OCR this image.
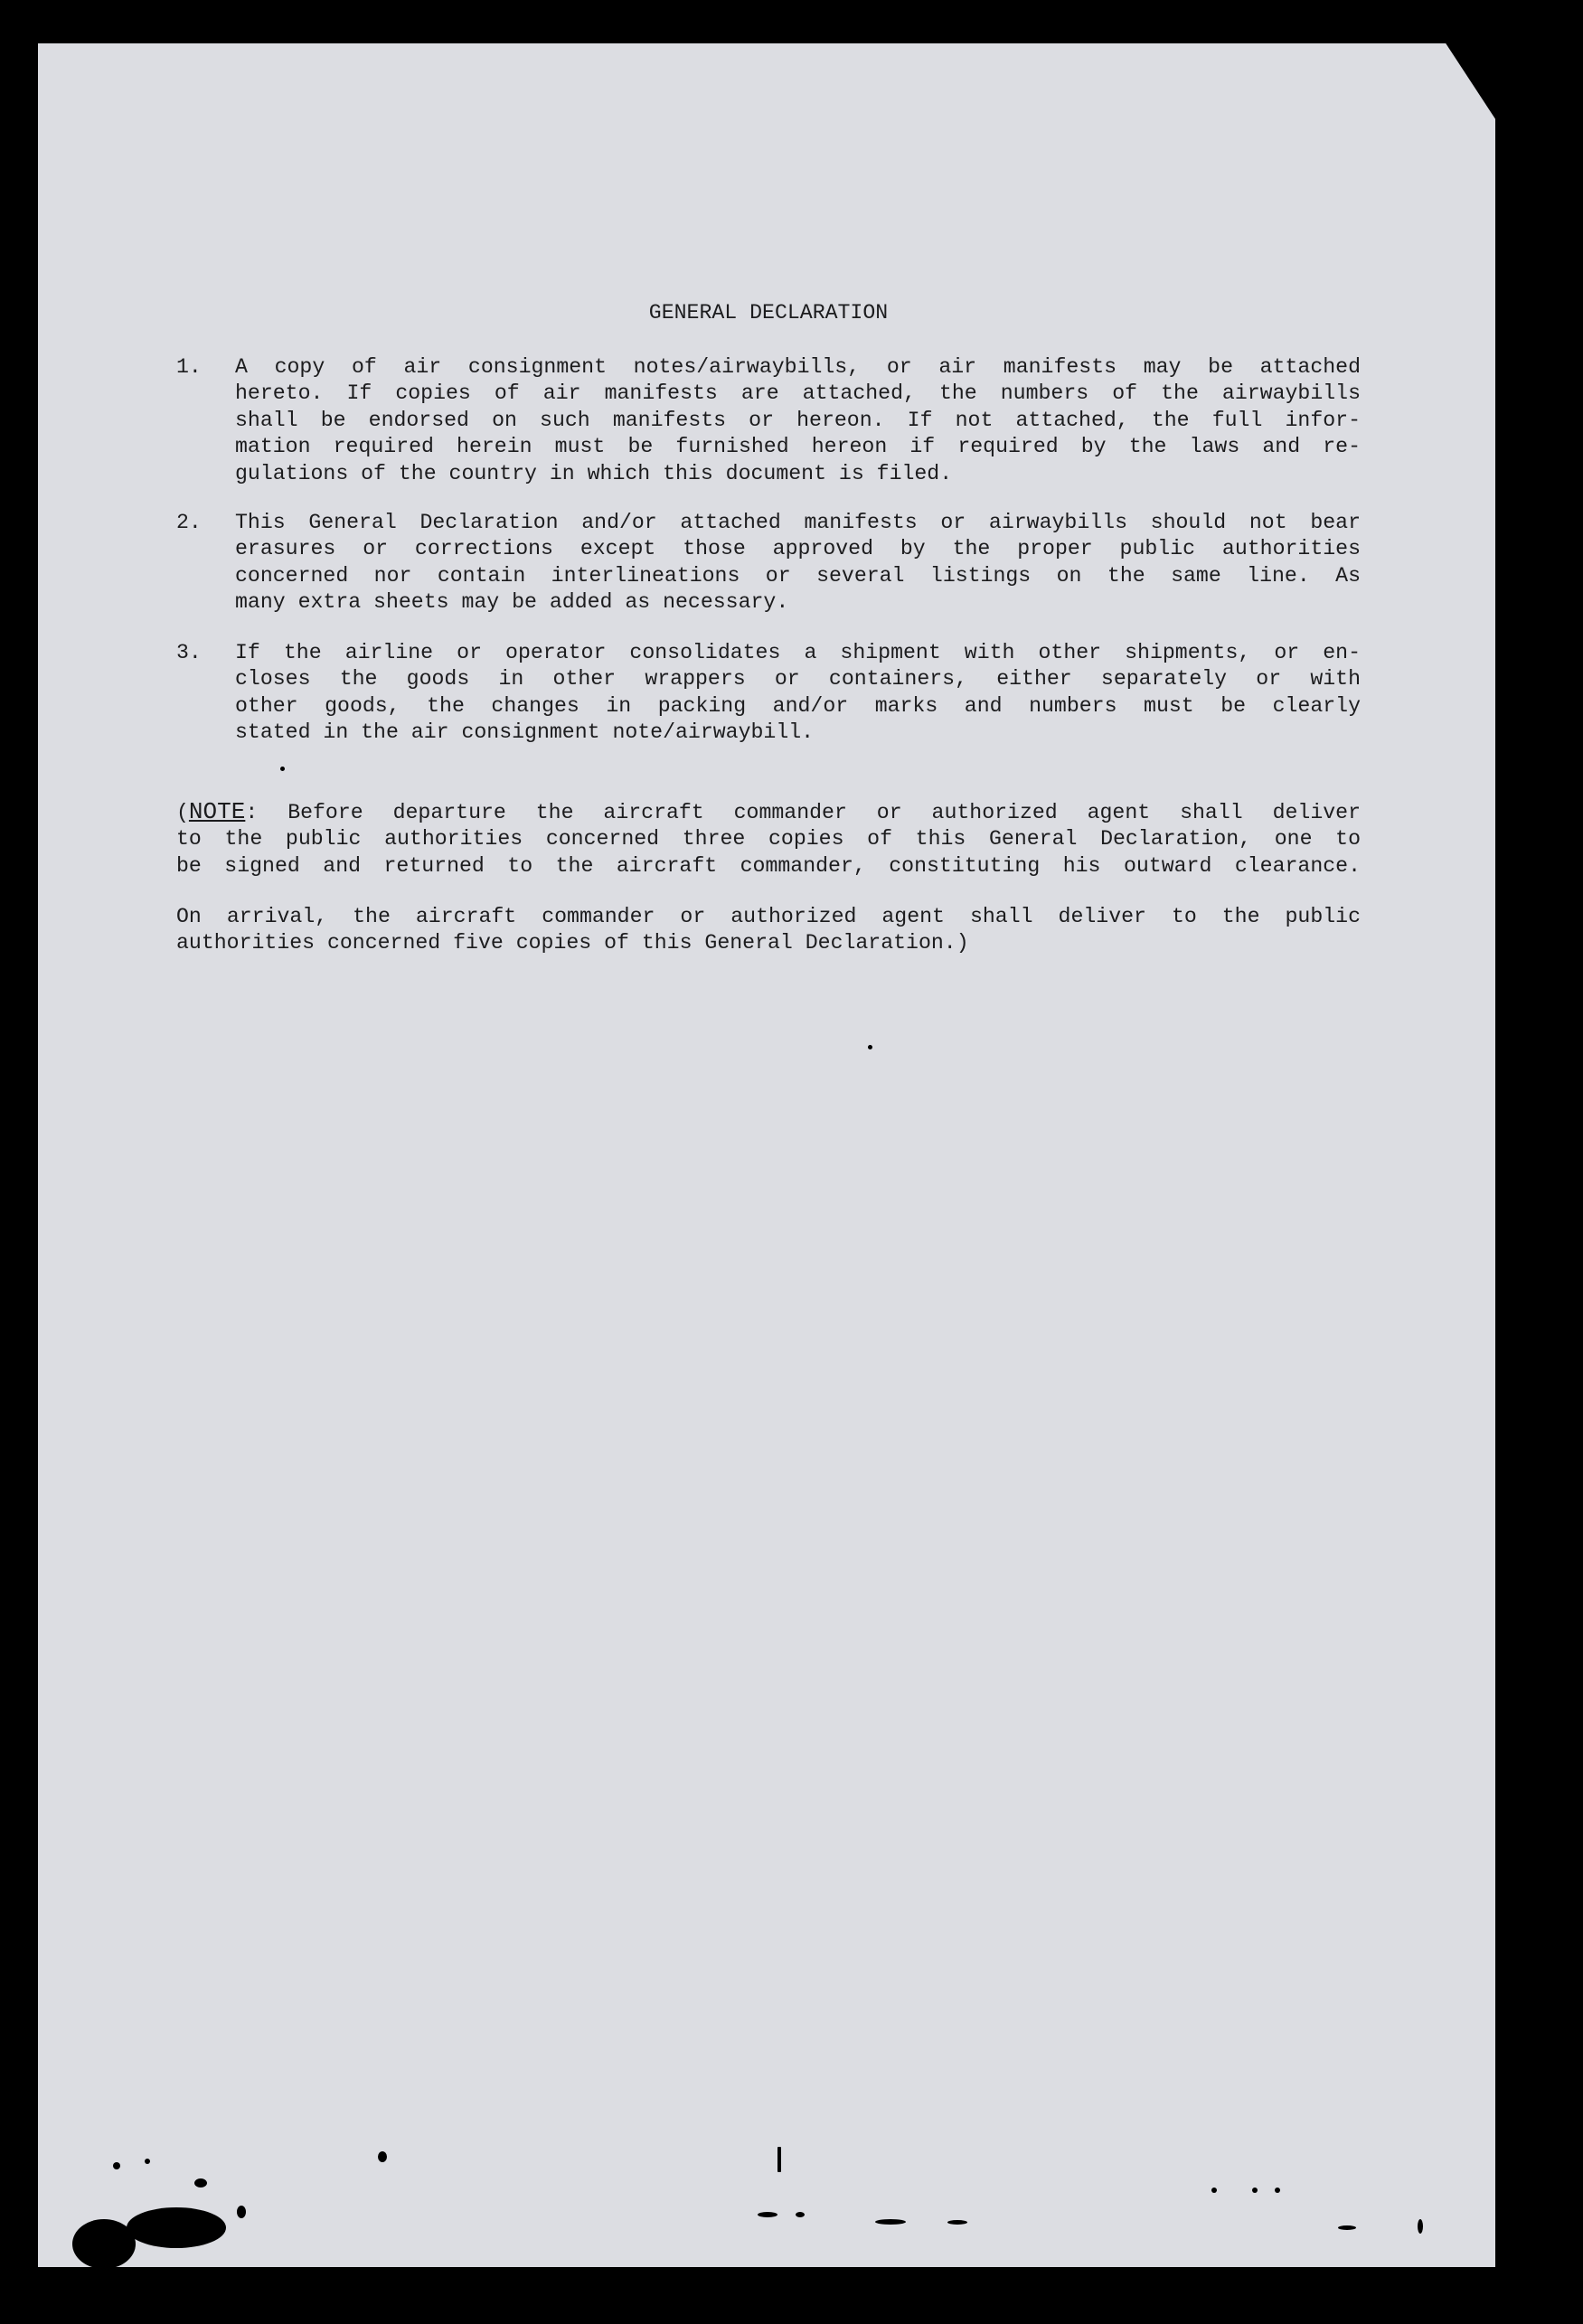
GENERAL DECLARATION
1.	A copy of air consignment notes/airwaybills, or air manifests may be attached
hereto. If copies of air manifests are attached, the numbers of the airwaybills
shall be endorsed on such manifests or hereon. If not attached, the full infor-
mation required herein must be furnished hereon if required by the laws and re-
gulations of the country in which this document is filed.
2.	This General Declaration and/or attached manifests or airwaybills should not bear
erasures or corrections except those approved by the proper public authorities
concerned nor contain interlineations or several listings on the same line. As
many extra sheets may be added as necessary.
3.	If the airline or operator consolidates a shipment with other shipments, or en-
closes the goods in other wrappers or containers, either separately or with
other goods, the changes in packing and/or marks and numbers must be clearly
stated in the air consignment note/airwaybill.
(NOTE: Before departure the aircraft commander or authorized agent shall deliver
to the public authorities concerned three copies of this General Declaration, one to
be signed and returned to the aircraft commander, constituting his outward clearance.
On arrival, the aircraft commander or authorized agent shall deliver to the public
authorities concerned five copies of this General Declaration.)
